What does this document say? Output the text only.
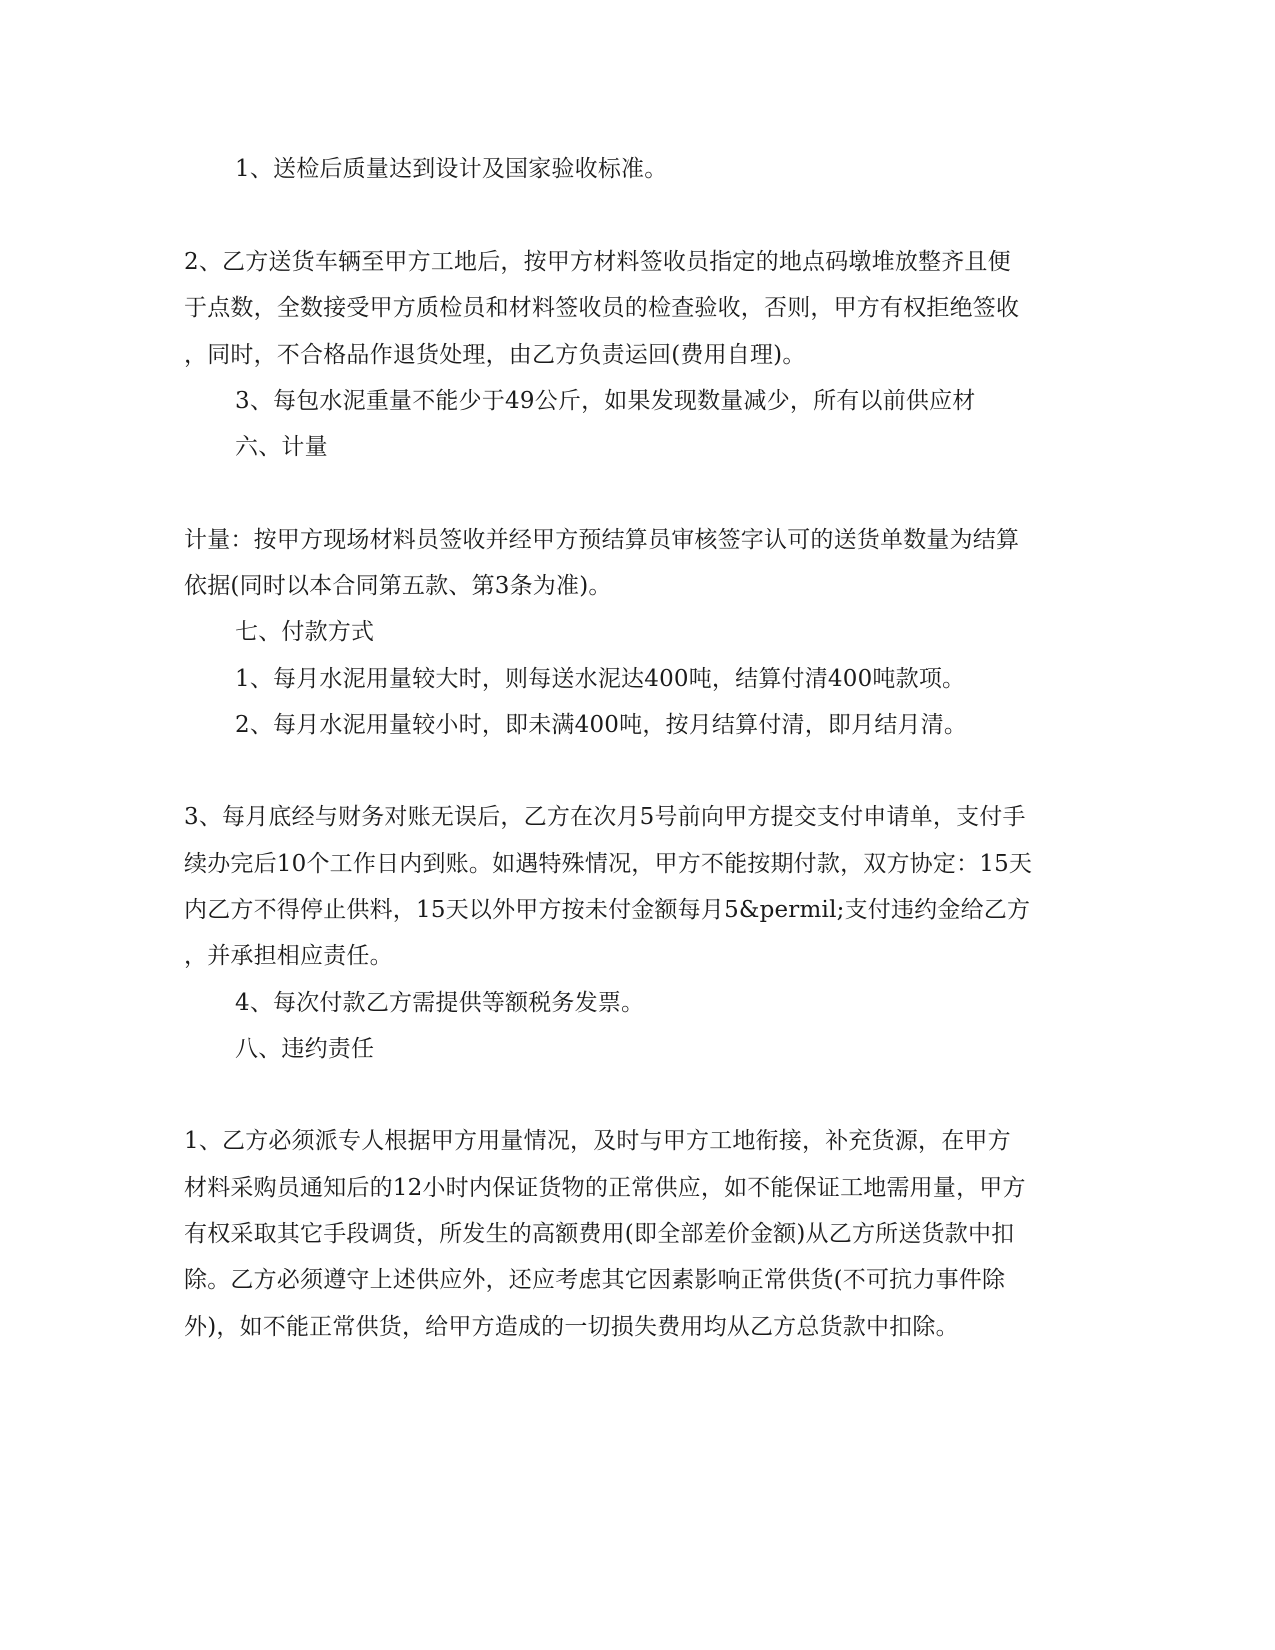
1、送检后质量达到设计及国家验收标准。
2、乙方送货车辆至甲方工地后，按甲方材料签收员指定的地点码墩堆放整齐且便
于点数，全数接受甲方质检员和材料签收员的检查验收，否则，甲方有权拒绝签收
，同时，不合格品作退货处理，由乙方负责运回(费用自理)。
3、每包水泥重量不能少于49公斤，如果发现数量减少，所有以前供应材
六、计量
计量：按甲方现场材料员签收并经甲方预结算员审核签字认可的送货单数量为结算
依据(同时以本合同第五款、第3条为准)。
七、付款方式
1、每月水泥用量较大时，则每送水泥达400吨，结算付清400吨款项。
2、每月水泥用量较小时，即未满400吨，按月结算付清，即月结月清。
3、每月底经与财务对账无误后，乙方在次月5号前向甲方提交支付申请单，支付手
续办完后10个工作日内到账。如遇特殊情况，甲方不能按期付款，双方协定：15天
内乙方不得停止供料，15天以外甲方按未付金额每月5&permil;支付违约金给乙方
，并承担相应责任。
4、每次付款乙方需提供等额税务发票。
八、违约责任
1、乙方必须派专人根据甲方用量情况，及时与甲方工地衔接，补充货源，在甲方
材料采购员通知后的12小时内保证货物的正常供应，如不能保证工地需用量，甲方
有权采取其它手段调货，所发生的高额费用(即全部差价金额)从乙方所送货款中扣
除。乙方必须遵守上述供应外，还应考虑其它因素影响正常供货(不可抗力事件除
外)，如不能正常供货，给甲方造成的一切损失费用均从乙方总货款中扣除。
